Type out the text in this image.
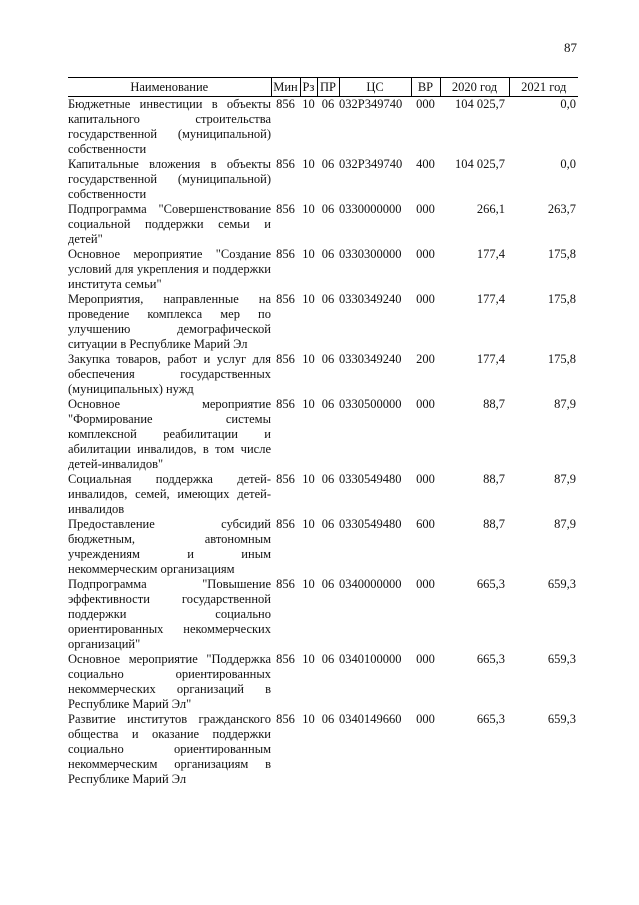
87
Наименование	Мин	Рз	ПР	ЦС	ВР	2020 год	2021 год
Бюджетные инвестиции в объекты капитального строительства государственной (муниципальной) собственности	856	10	06	032Р349740	000	104 025,7	0,0
Капитальные вложения в объекты государственной (муниципальной) собственности	856	10	06	032Р349740	400	104 025,7	0,0
Подпрограмма "Совершенствование социальной поддержки семьи и детей"	856	10	06	0330000000	000	266,1	263,7
Основное мероприятие "Создание условий для укрепления и поддержки института семьи"	856	10	06	0330300000	000	177,4	175,8
Мероприятия, направленные на проведение комплекса мер по улучшению демографической ситуации в Республике Марий Эл	856	10	06	0330349240	000	177,4	175,8
Закупка товаров, работ и услуг для обеспечения государственных (муниципальных) нужд	856	10	06	0330349240	200	177,4	175,8
Основное мероприятие "Формирование системы комплексной реабилитации и абилитации инвалидов, в том числе детей-инвалидов"	856	10	06	0330500000	000	88,7	87,9
Социальная поддержка детей-инвалидов, семей, имеющих детей-инвалидов	856	10	06	0330549480	000	88,7	87,9
Предоставление субсидий бюджетным, автономным учреждениям и иным некоммерческим организациям	856	10	06	0330549480	600	88,7	87,9
Подпрограмма "Повышение эффективности государственной поддержки социально ориентированных некоммерческих организаций"	856	10	06	0340000000	000	665,3	659,3
Основное мероприятие "Поддержка социально ориентированных некоммерческих организаций в Республике Марий Эл"	856	10	06	0340100000	000	665,3	659,3
Развитие институтов гражданского общества и оказание поддержки социально ориентированным некоммерческим организациям в Республике Марий Эл	856	10	06	0340149660	000	665,3	659,3
